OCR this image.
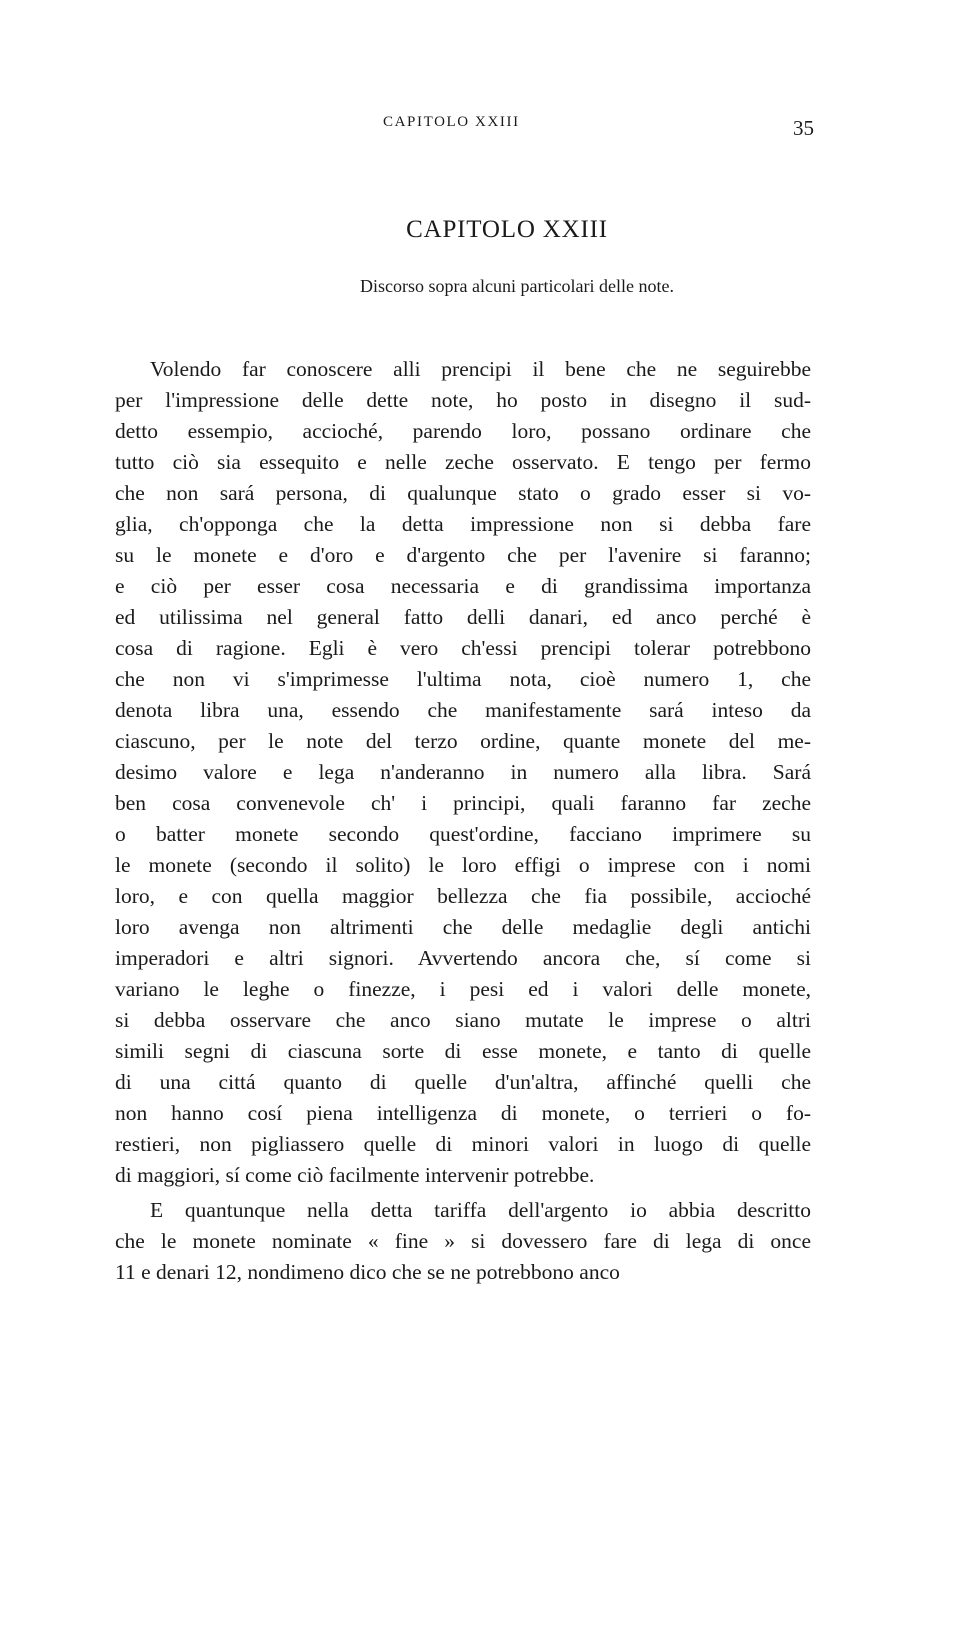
CAPITOLO XXIII	35
CAPITOLO XXIII
Discorso sopra alcuni particolari delle note.
Volendo far conoscere alli prencipi il bene che ne seguirebbe
per l'impressione delle dette note, ho posto in disegno il sud-
detto essempio, accioché, parendo loro, possano ordinare che
tutto ciò sia essequito e nelle zeche osservato. E tengo per fermo
che non sará persona, di qualunque stato o grado esser si vo-
glia, ch'opponga che la detta impressione non si debba fare
su le monete e d'oro e d'argento che per l'avenire si faranno;
e ciò per esser cosa necessaria e di grandissima importanza
ed utilissima nel general fatto delli danari, ed anco perché è
cosa di ragione. Egli è vero ch'essi prencipi tolerar potrebbono
che non vi s'imprimesse l'ultima nota, cioè numero 1, che
denota libra una, essendo che manifestamente sará inteso da
ciascuno, per le note del terzo ordine, quante monete del me-
desimo valore e lega n'anderanno in numero alla libra. Sará
ben cosa convenevole ch' i principi, quali faranno far zeche
o batter monete secondo quest'ordine, facciano imprimere su
le monete (secondo il solito) le loro effigi o imprese con i nomi
loro, e con quella maggior bellezza che fia possibile, accioché
loro avenga non altrimenti che delle medaglie degli antichi
imperadori e altri signori. Avvertendo ancora che, sí come si
variano le leghe o finezze, i pesi ed i valori delle monete,
si debba osservare che anco siano mutate le imprese o altri
simili segni di ciascuna sorte di esse monete, e tanto di quelle
di una cittá quanto di quelle d'un'altra, affinché quelli che
non hanno cosí piena intelligenza di monete, o terrieri o fo-
restieri, non pigliassero quelle di minori valori in luogo di quelle
di maggiori, sí come ciò facilmente intervenir potrebbe.
E quantunque nella detta tariffa dell'argento io abbia descritto
che le monete nominate « fine » si dovessero fare di lega di once
11 e denari 12, nondimeno dico che se ne potrebbono anco
